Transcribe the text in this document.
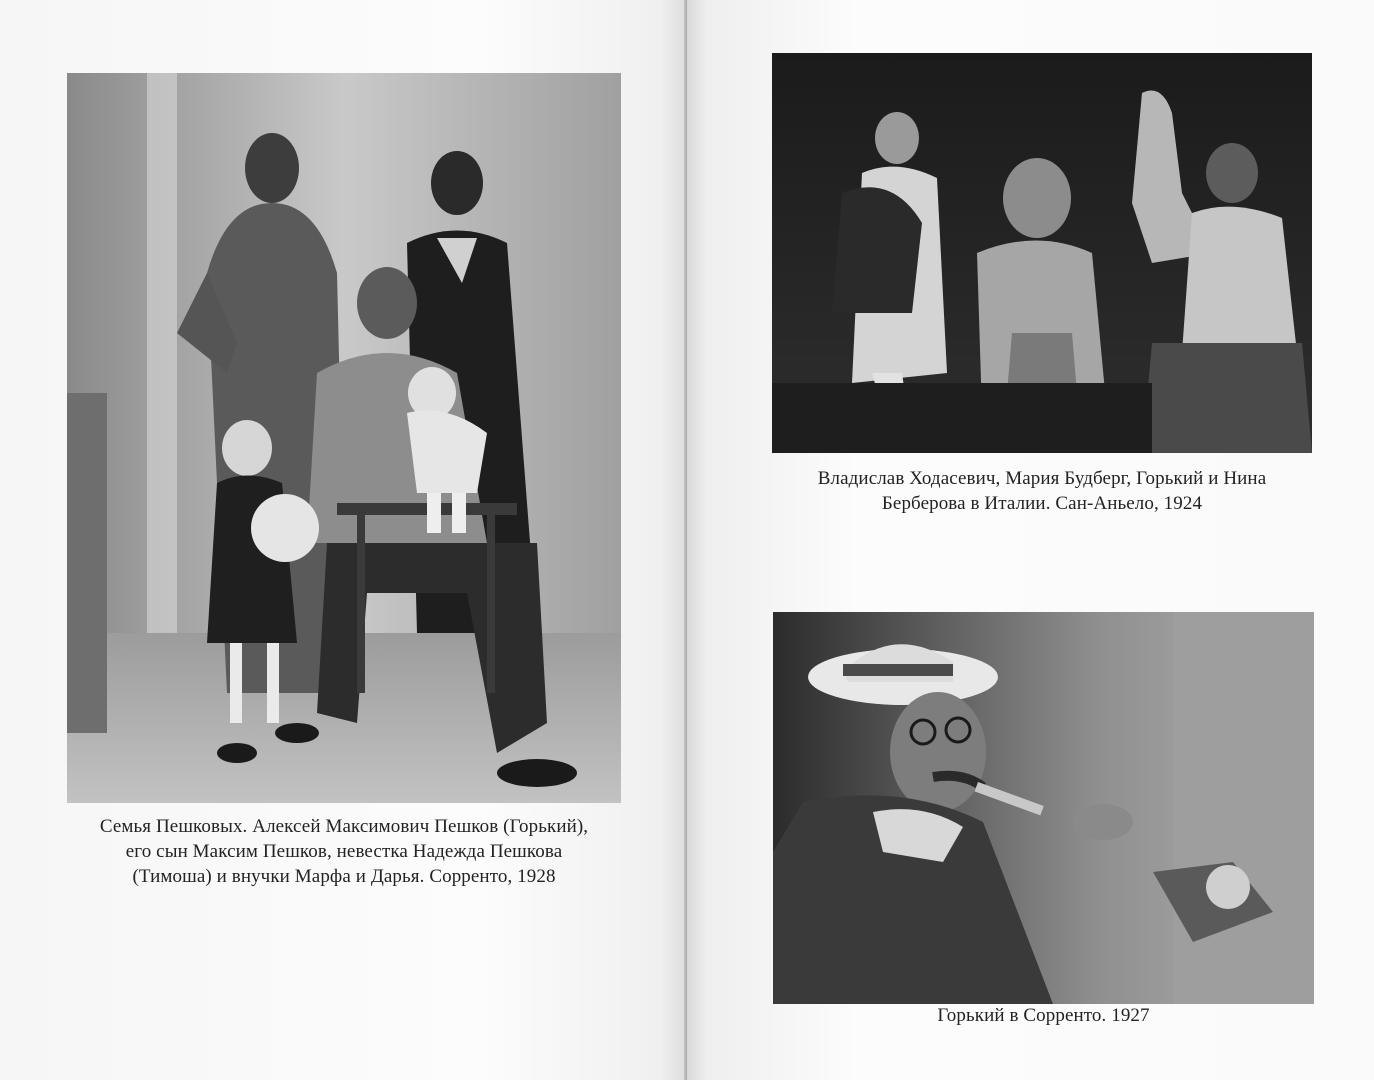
Семья Пешковых. Алексей Максимович Пешков (Горький),
его сын Максим Пешков, невестка Надежда Пешкова
(Тимоша) и внучки Марфа и Дарья. Сорренто, 1928
Владислав Ходасевич, Мария Будберг, Горький и Нина
Берберова в Италии. Сан-Аньело, 1924
Горький в Сорренто. 1927
